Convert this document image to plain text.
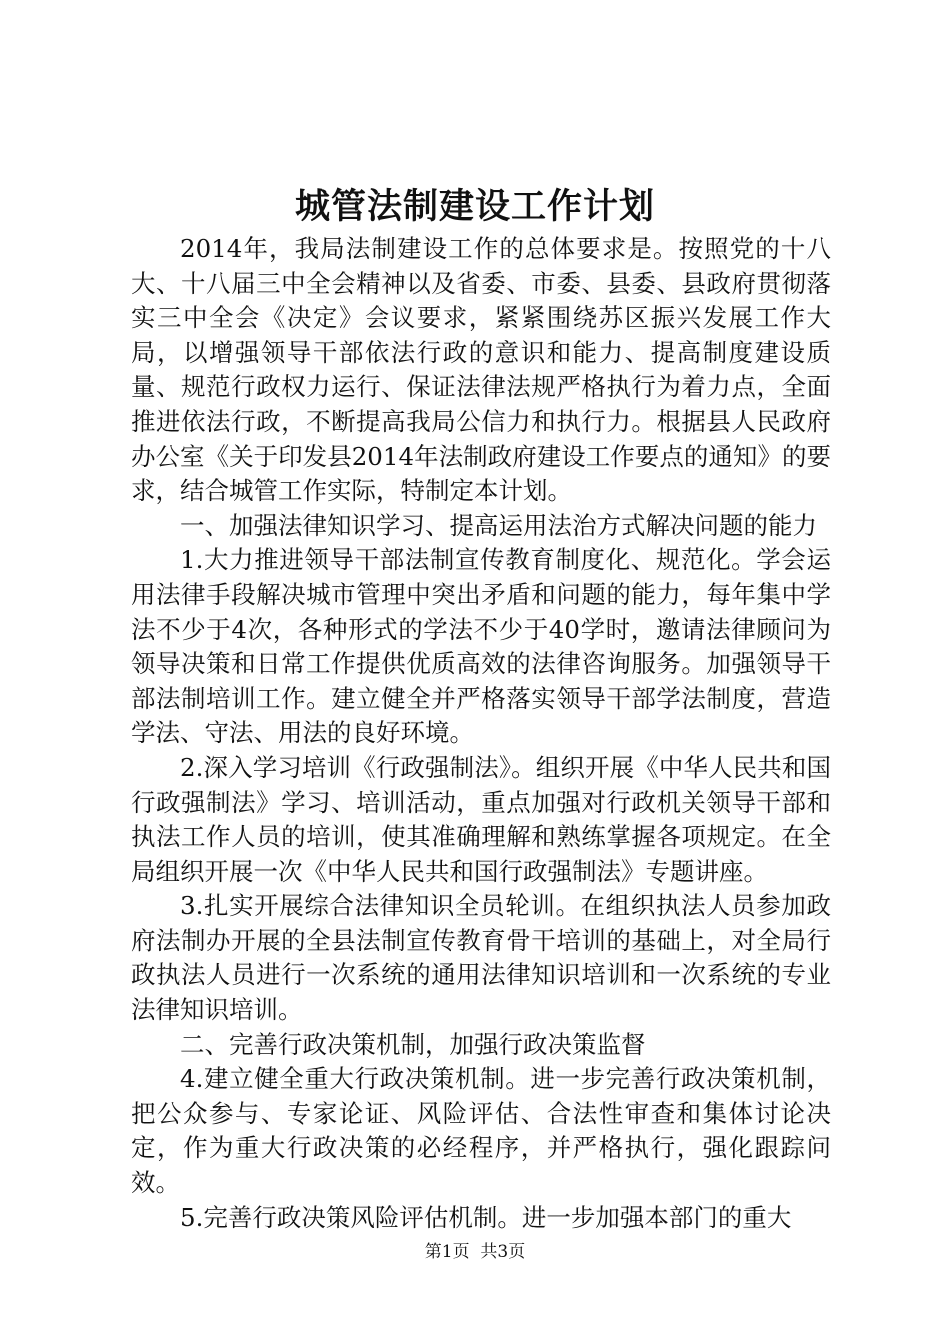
城管法制建设工作计划

2014年，我局法制建设工作的总体要求是。按照党的十八大、十八届三中全会精神以及省委、市委、县委、县政府贯彻落实三中全会《决定》会议要求，紧紧围绕苏区振兴发展工作大局，以增强领导干部依法行政的意识和能力、提高制度建设质量、规范行政权力运行、保证法律法规严格执行为着力点，全面推进依法行政，不断提高我局公信力和执行力。根据县人民政府办公室《关于印发县2014年法制政府建设工作要点的通知》的要求，结合城管工作实际，特制定本计划。

一、加强法律知识学习、提高运用法治方式解决问题的能力

1.大力推进领导干部法制宣传教育制度化、规范化。学会运用法律手段解决城市管理中突出矛盾和问题的能力，每年集中学法不少于4次，各种形式的学法不少于40学时，邀请法律顾问为领导决策和日常工作提供优质高效的法律咨询服务。加强领导干部法制培训工作。建立健全并严格落实领导干部学法制度，营造学法、守法、用法的良好环境。

2.深入学习培训《行政强制法》。组织开展《中华人民共和国行政强制法》学习、培训活动，重点加强对行政机关领导干部和执法工作人员的培训，使其准确理解和熟练掌握各项规定。在全局组织开展一次《中华人民共和国行政强制法》专题讲座。

3.扎实开展综合法律知识全员轮训。在组织执法人员参加政府法制办开展的全县法制宣传教育骨干培训的基础上，对全局行政执法人员进行一次系统的通用法律知识培训和一次系统的专业法律知识培训。

二、完善行政决策机制，加强行政决策监督

4.建立健全重大行政决策机制。进一步完善行政决策机制，把公众参与、专家论证、风险评估、合法性审查和集体讨论决定，作为重大行政决策的必经程序，并严格执行，强化跟踪问效。

5.完善行政决策风险评估机制。进一步加强本部门的重大

第1页 共3页
